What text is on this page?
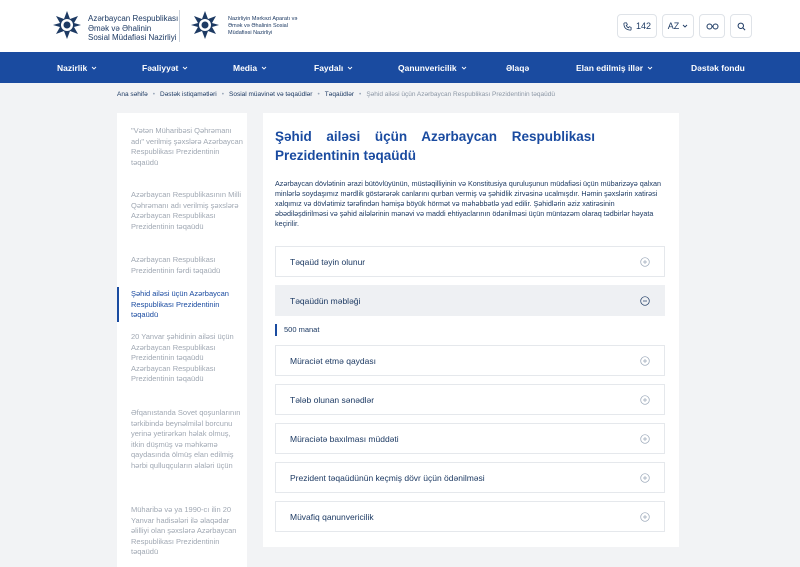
Azərbaycan Respublikası
Əmək və Əhalinin
Sosial Müdafiəsi Nazirliyi
Nazirliyin Mərkəzi Aparatı və
Əmək və Əhalinin Sosial
Müdafiəsi Nazirliyi
142 AZ
Nazirlik	Fəaliyyət	Media	Faydalı	Qanunvericilik	Əlaqə	Elan edilmiş illər	Dəstək fondu
Ana səhifə • Dəstək istiqamətləri • Sosial müavinət və təqaüdlər • Təqaüdlər • Şəhid ailəsi üçün Azərbaycan Respublikası Prezidentinin təqaüdü
"Vətən Müharibəsi Qəhrəmanı adı" verilmiş şəxslərə Azərbaycan Respublikası Prezidentinin təqaüdü
Azərbaycan Respublikasının Milli Qəhrəmanı adı verilmiş şəxslərə Azərbaycan Respublikası Prezidentinin təqaüdü
Azərbaycan Respublikası Prezidentinin fərdi təqaüdü
Şəhid ailəsi üçün Azərbaycan Respublikası Prezidentinin təqaüdü
20 Yanvar şəhidinin ailəsi üçün Azərbaycan Respublikası Prezidentinin təqaüdü Azərbaycan Respublikası Prezidentinin təqaüdü
Əfqanıstanda Sovet qoşunlarının tərkibində beynəlmiləl borcunu yerinə yetirərkən həlak olmuş, itkin düşmüş və məhkəmə qaydasında ölmüş elan edilmiş hərbi qulluqçuların əlaləri üçün
Müharibə və ya 1990-cı ilin 20 Yanvar hadisələri ilə əlaqədar əlilliyi olan şəxslərə Azərbaycan Respublikası Prezidentinin təqaüdü
Şəhid ailəsi üçün Azərbaycan Respublikası
Prezidentinin təqaüdü

Azərbaycan dövlətinin ərazi bütövlüyünün, müstəqilliyinin və Konstitusiya quruluşunun müdafiəsi üçün mübarizəyə qalxan minlərlə soydaşımız mərdlik göstərərək canlarını qurban vermiş və şəhidlik zirvəsinə ucalmışdır. Həmin şəxslərin xatirəsi xalqımız və dövlətimiz tərəfindən həmişə böyük hörmət və məhəbbətlə yad edilir. Şəhidlərin əziz xatirəsinin əbədiləşdirilməsi və şəhid ailələrinin mənəvi və maddi ehtiyaclarının ödənilməsi üçün müntəzəm olaraq tədbirlər həyata keçirilir.

Təqaüd təyin olunur
Təqaüdün məbləği
500 manat
Müraciət etmə qaydası
Tələb olunan sənədlər
Müraciətə baxılması müddəti
Prezident təqaüdünün keçmiş dövr üçün ödənilməsi
Müvafiq qanunvericilik
